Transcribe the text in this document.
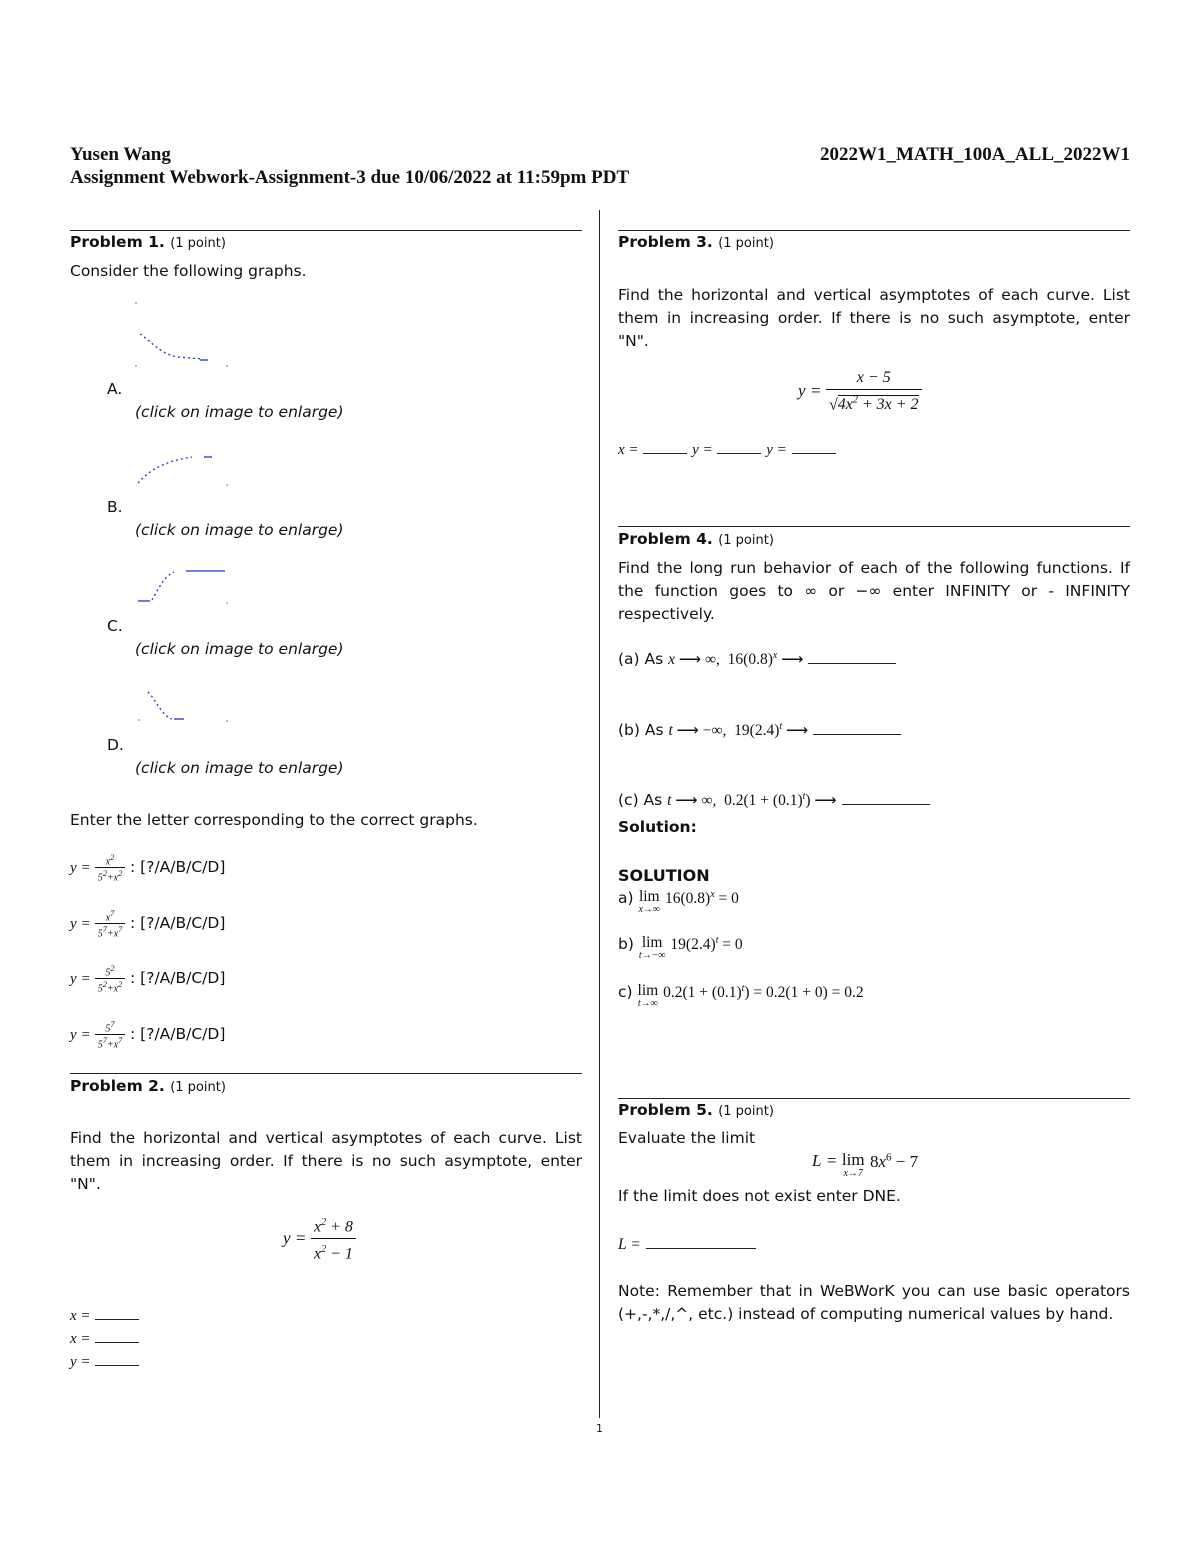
Yusen Wang	2022W1_MATH_100A_ALL_2022W1
Assignment Webwork-Assignment-3 due 10/06/2022 at 11:59pm PDT
Problem 1. (1 point)
Consider the following graphs.
A.
(click on image to enlarge)
B.
(click on image to enlarge)
C.
(click on image to enlarge)
D.
(click on image to enlarge)
Enter the letter corresponding to the correct graphs.
$y = \frac{x^2}{5^2+x^2}$ : [?/A/B/C/D]
$y = \frac{x^7}{5^7+x^7}$ : [?/A/B/C/D]
$y = \frac{5^2}{5^2+x^2}$ : [?/A/B/C/D]
$y = \frac{5^7}{5^7+x^7}$ : [?/A/B/C/D]
Problem 2. (1 point)
Find the horizontal and vertical asymptotes of each curve. List them in increasing order. If there is no such asymptote, enter "N".
$y = \frac{x^2 + 8}{x^2 - 1}$
x =
x =
y =
Problem 3. (1 point)
Find the horizontal and vertical asymptotes of each curve. List them in increasing order. If there is no such asymptote, enter "N".
$y = \frac{x - 5}{√4x^2 + 3x + 2}$
x =	y =	y =
Problem 4. (1 point)
Find the long run behavior of each of the following functions. If the function goes to ∞ or −∞ enter INFINITY or - INFINITY respectively.
(a) As x ⟶ ∞,  $16(0.8)^x$ ⟶
(b) As t ⟶ −∞,  $19(2.4)^t$ ⟶
(c) As t ⟶ ∞,  $0.2(1 + (0.1)^t)$ ⟶
Solution:
SOLUTION
a) lim
x→∞
$16(0.8)^x = 0$
b) lim
t→−∞
$19(2.4)^t = 0$
c) lim
t→∞
$0.2(1 + (0.1)^t) = 0.2(1 + 0) = 0.2$
Problem 5. (1 point)
Evaluate the limit
L = lim
x→7
$8x^6 - 7$
If the limit does not exist enter DNE.
L =
Note: Remember that in WeBWorK you can use basic operators (+,-,*,/,^, etc.) instead of computing numerical values by hand.
1
